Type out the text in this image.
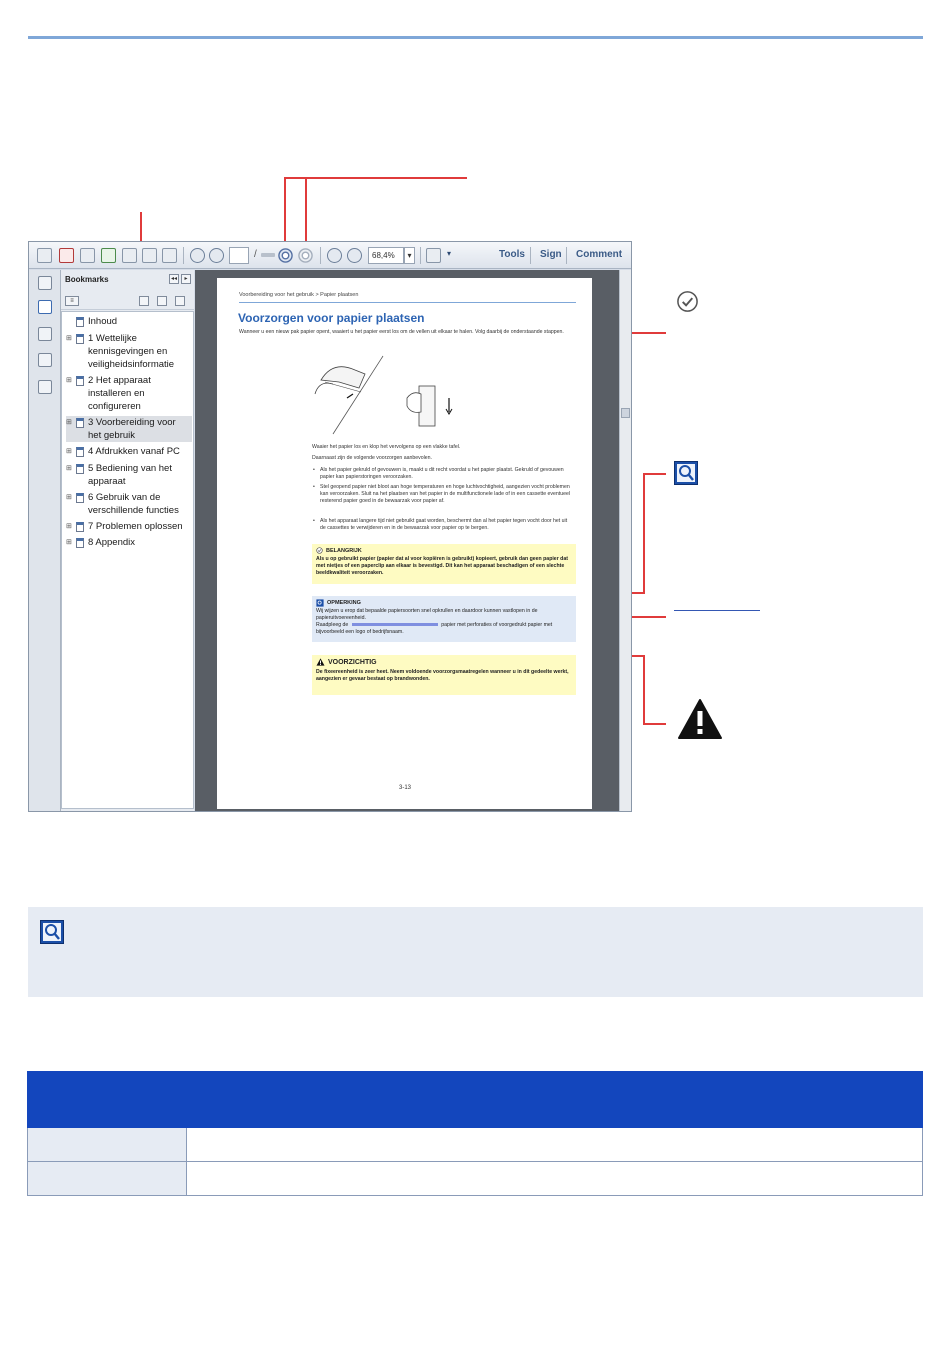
/	68,4%	▾	▾	Tools Sign Comment
Bookmarks	◂◂	▸
≡
Inhoud
⊞ 1 Wettelijke
kennisgevingen en
veiligheidsinformatie
⊞ 2 Het apparaat
installeren en
configureren
⊞ 3 Voorbereiding voor
het gebruik
⊞ 4 Afdrukken vanaf PC
⊞ 5 Bediening van het
apparaat
⊞ 6 Gebruik van de
verschillende functies
⊞ 7 Problemen oplossen
⊞ 8 Appendix
Voorbereiding voor het gebruik > Papier plaatsen
Voorzorgen voor papier plaatsen
Wanneer u een nieuw pak papier opent, waaiert u het papier eerst los om de vellen uit elkaar te halen. Volg daarbij de onderstaande stappen.
Waaier het papier los en klop het vervolgens op een vlakke tafel.
Daarnaast zijn de volgende voorzorgen aanbevolen.
• Als het papier gekruld of gevouwen is, maakt u dit recht voordat u het papier plaatst. Gekruld of gevouwen papier kan papierstoringen veroorzaken.
• Stel geopend papier niet bloot aan hoge temperaturen en hoge luchtvochtigheid, aangezien vocht problemen kan veroorzaken. Sluit na het plaatsen van het papier in de multifunctionele lade of in een cassette eventueel resterend papier goed in de bewaarzak voor papier af.
• Als het apparaat langere tijd niet gebruikt gaat worden, beschermt dan al het papier tegen vocht door het uit de cassettes te verwijderen en in de bewaarzak voor papier op te bergen.
BELANGRIJK
Als u op gebruikt papier (papier dat al voor kopiëren is gebruikt) kopieert, gebruik dan geen papier dat met nietjes of een paperclip aan elkaar is bevestigd. Dit kan het apparaat beschadigen of een slechte beeldkwaliteit veroorzaken.
OPMERKING
Wij wijzen u erop dat bepaalde papiersoorten snel opkrullen en daardoor kunnen vastlopen in de papieruitvoereenheid.
Raadpleeg de	papier met perforaties of voorgedrukt papier met bijvoorbeeld een logo of bedrijfsnaam.
VOORZICHTIG
De fixeereenheid is zeer heet. Neem voldoende voorzorgsmaatregelen wanneer u in dit gedeelte werkt, aangezien er gevaar bestaat op brandwonden.
3-13
